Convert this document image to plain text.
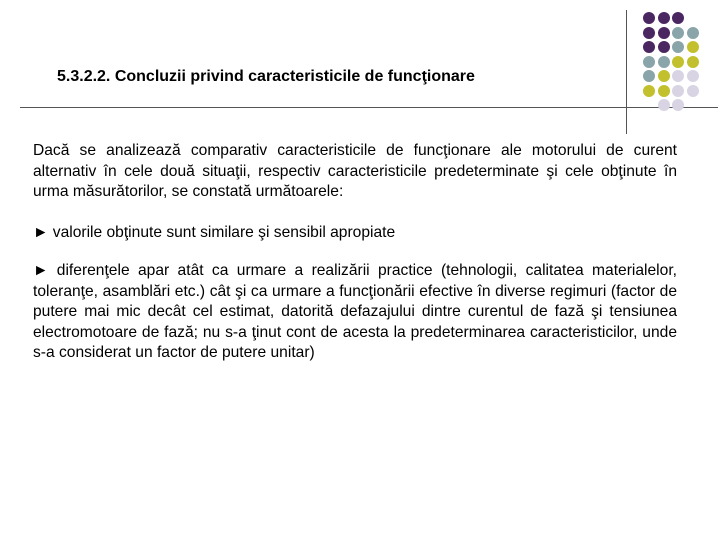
5.3.2.2. Concluzii privind caracteristicile de funcţionare

Dacă se analizează comparativ caracteristicile de funcţionare ale motorului de curent alternativ în cele două situaţii, respectiv caracteristicile predeterminate şi cele obţinute în urma măsurătorilor, se constată următoarele:

► valorile obţinute sunt similare şi sensibil apropiate

► diferenţele apar atât ca urmare a realizării practice (tehnologii, calitatea materialelor, toleranţe, asamblări etc.) cât şi ca urmare a funcţionării efective în diverse regimuri (factor de putere mai mic decât cel estimat, datorită defazajului dintre curentul de fază şi tensiunea electromotoare de fază; nu s-a ţinut cont de acesta la predeterminarea caracteristicilor, unde s-a considerat un factor de putere unitar)
